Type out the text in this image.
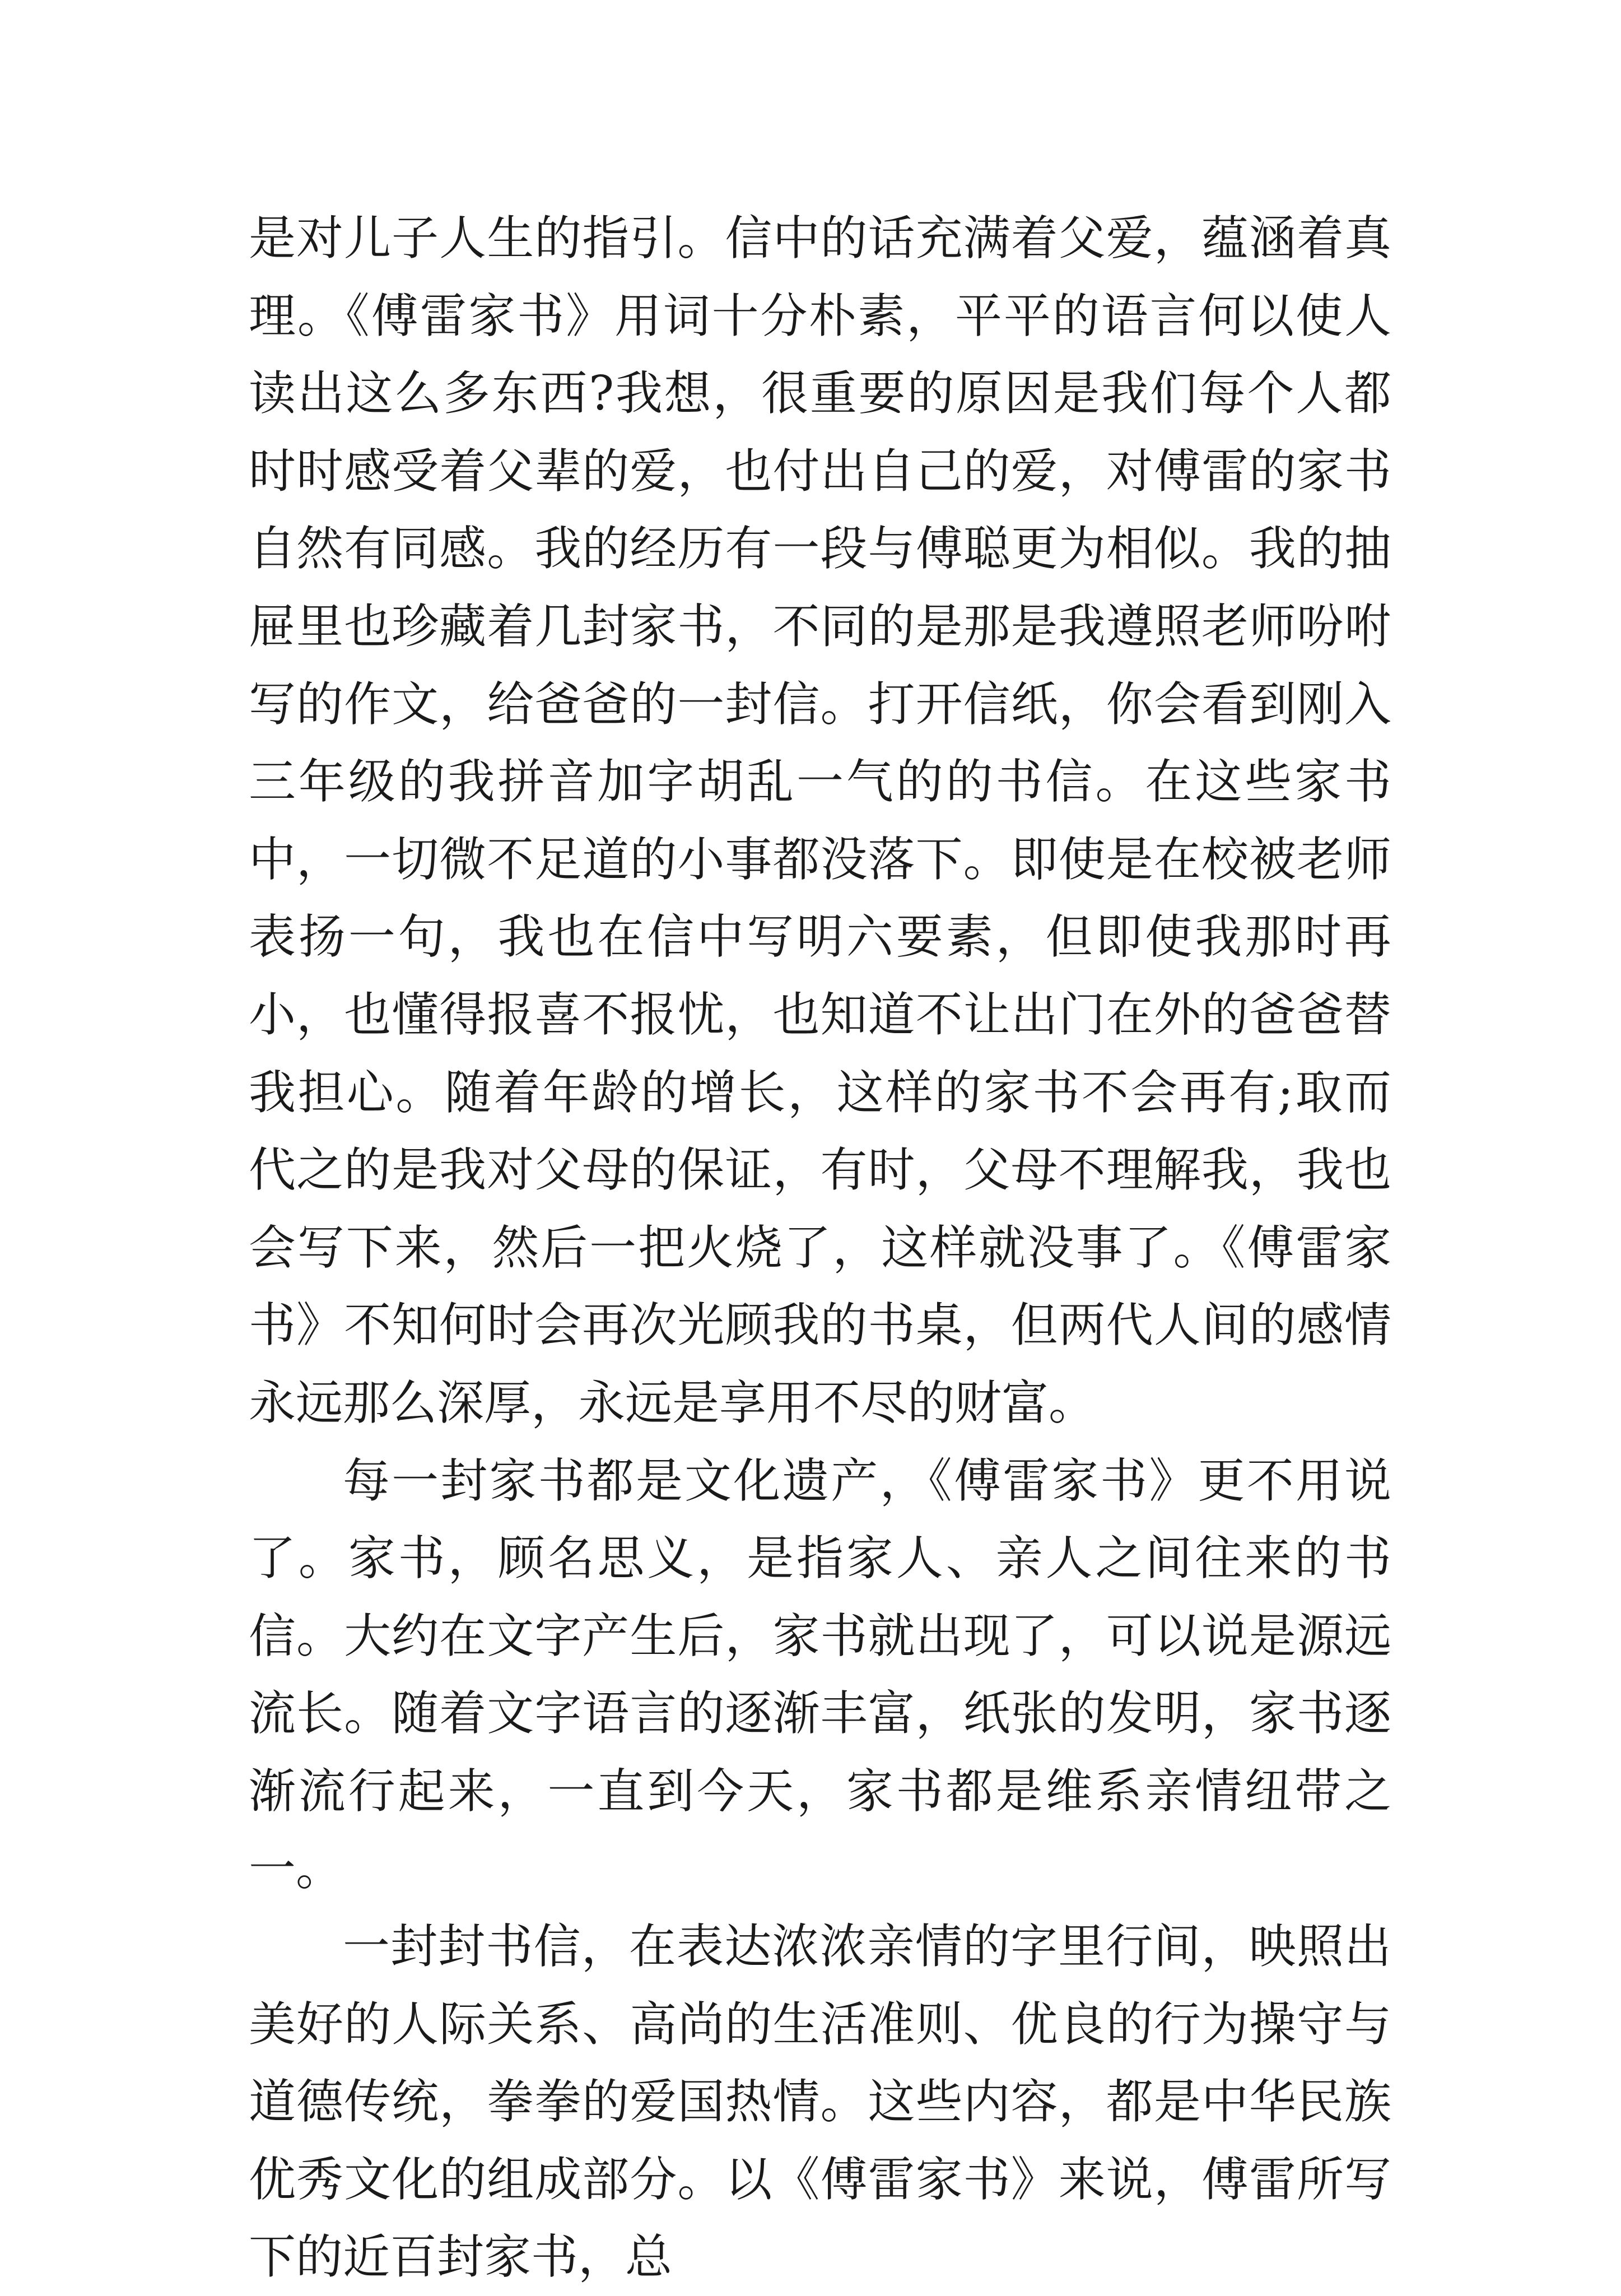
是对儿子人生的指引。信中的话充满着父爱，蕴涵着真理。《傅雷家书》用词十分朴素，平平的语言何以使人读出这么多东西?我想，很重要的原因是我们每个人都时时感受着父辈的爱，也付出自己的爱，对傅雷的家书自然有同感。我的经历有一段与傅聪更为相似。我的抽屉里也珍藏着几封家书，不同的是那是我遵照老师吩咐写的作文，给爸爸的一封信。打开信纸，你会看到刚入三年级的我拼音加字胡乱一气的的书信。在这些家书中，一切微不足道的小事都没落下。即使是在校被老师表扬一句，我也在信中写明六要素，但即使我那时再小，也懂得报喜不报忧，也知道不让出门在外的爸爸替我担心。随着年龄的增长，这样的家书不会再有;取而代之的是我对父母的保证，有时，父母不理解我，我也会写下来，然后一把火烧了，这样就没事了。《傅雷家书》不知何时会再次光顾我的书桌，但两代人间的感情永远那么深厚，永远是享用不尽的财富。

每一封家书都是文化遗产，《傅雷家书》更不用说了。家书，顾名思义，是指家人、亲人之间往来的书信。大约在文字产生后，家书就出现了，可以说是源远流长。随着文字语言的逐渐丰富，纸张的发明，家书逐渐流行起来，一直到今天，家书都是维系亲情纽带之一。

一封封书信，在表达浓浓亲情的字里行间，映照出美好的人际关系、高尚的生活准则、优良的行为操守与道德传统，拳拳的爱国热情。这些内容，都是中华民族优秀文化的组成部分。以《傅雷家书》来说，傅雷所写下的近百封家书，总
